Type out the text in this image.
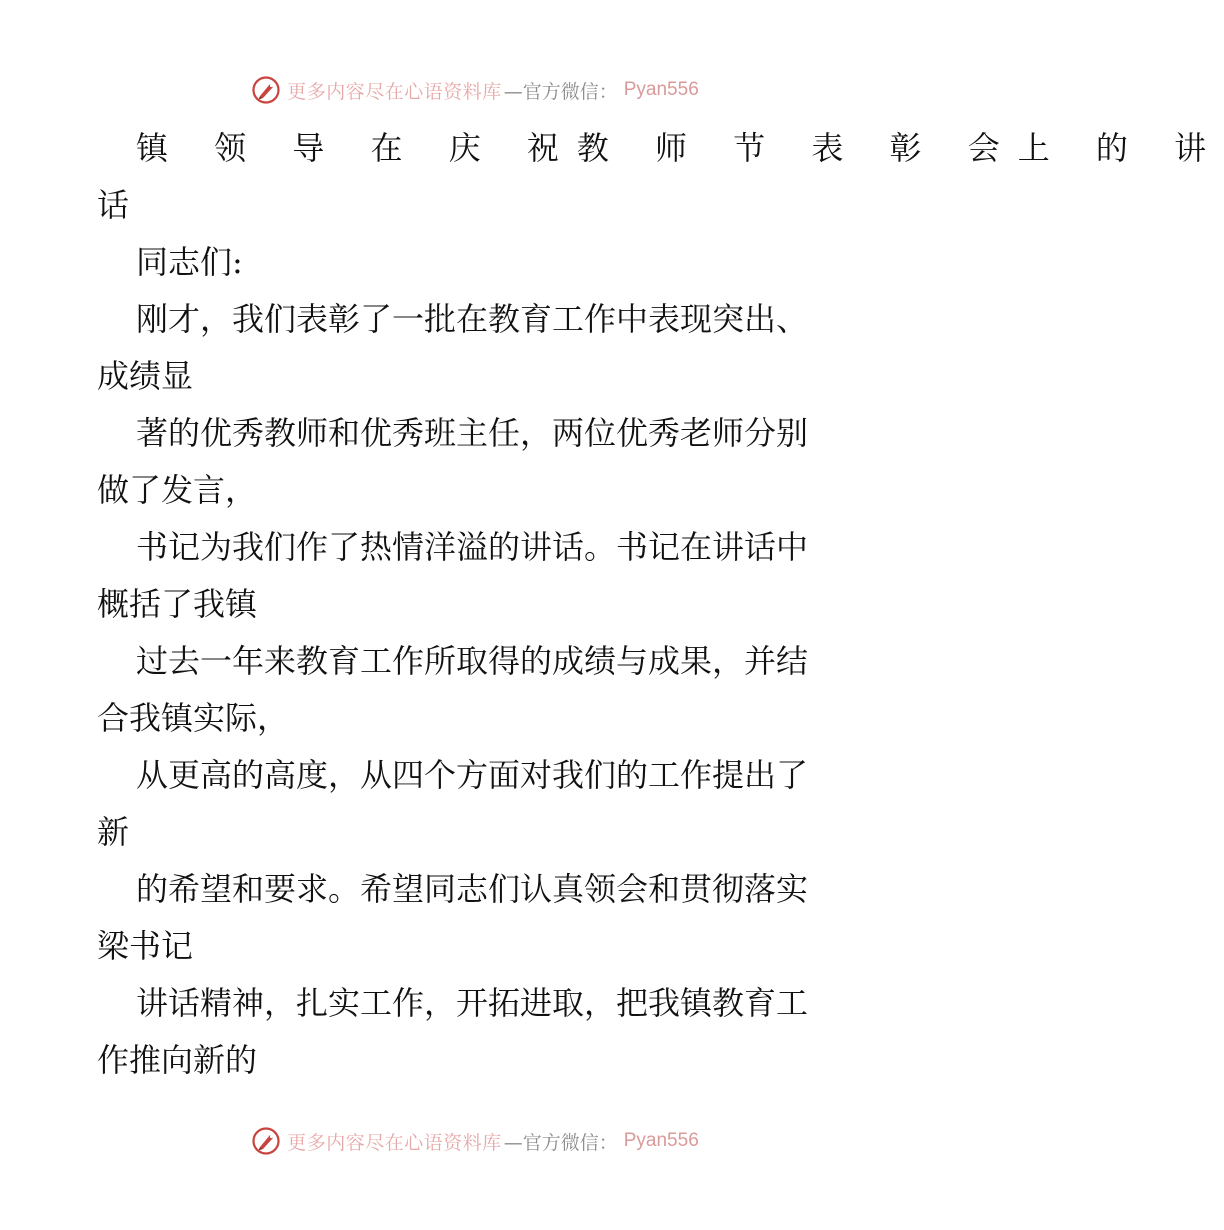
更多内容尽在心语资料库 —官方微信： Pyan556
镇 领 导 在 庆 祝教 师 节 表 彰 会上 的 讲
话
同志们:
刚才，我们表彰了一批在教育工作中表现突出、
成绩显
著的优秀教师和优秀班主任，两位优秀老师分别
做了发言，
书记为我们作了热情洋溢的讲话。书记在讲话中
概括了我镇
过去一年来教育工作所取得的成绩与成果，并结
合我镇实际，
从更高的高度，从四个方面对我们的工作提出了
新
的希望和要求。希望同志们认真领会和贯彻落实
梁书记
讲话精神，扎实工作，开拓进取，把我镇教育工
作推向新的
更多内容尽在心语资料库 —官方微信： Pyan556
